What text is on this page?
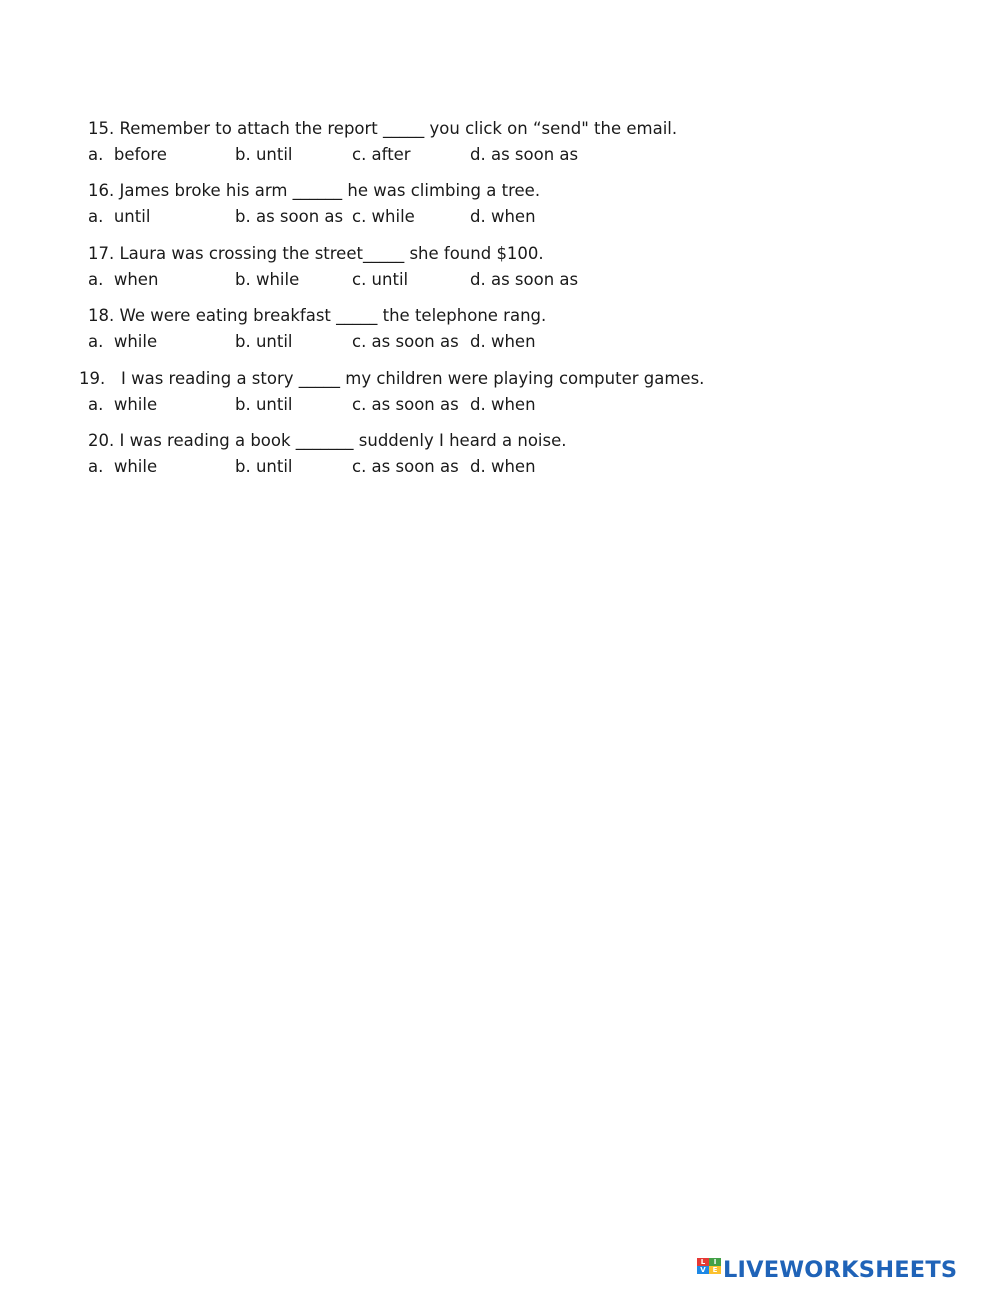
15. Remember to attach the report _____ you click on “send" the email.
a.  before	b. until	c. after	d. as soon as
16. James broke his arm ______ he was climbing a tree.
a.  until	b. as soon as c. while	d. when
17. Laura was crossing the street_____ she found $100.
a.  when	b. while	c. until	d. as soon as
18. We were eating breakfast _____ the telephone rang.
a.  while	b. until	c. as soon as d. when
19.   I was reading a story _____ my children were playing computer games.
a.  while	b. until	c. as soon as d. when
20. I was reading a book _______ suddenly I heard a noise.
a.  while	b. until	c. as soon as d. when
L	I
V E LIVEWORKSHEETS
